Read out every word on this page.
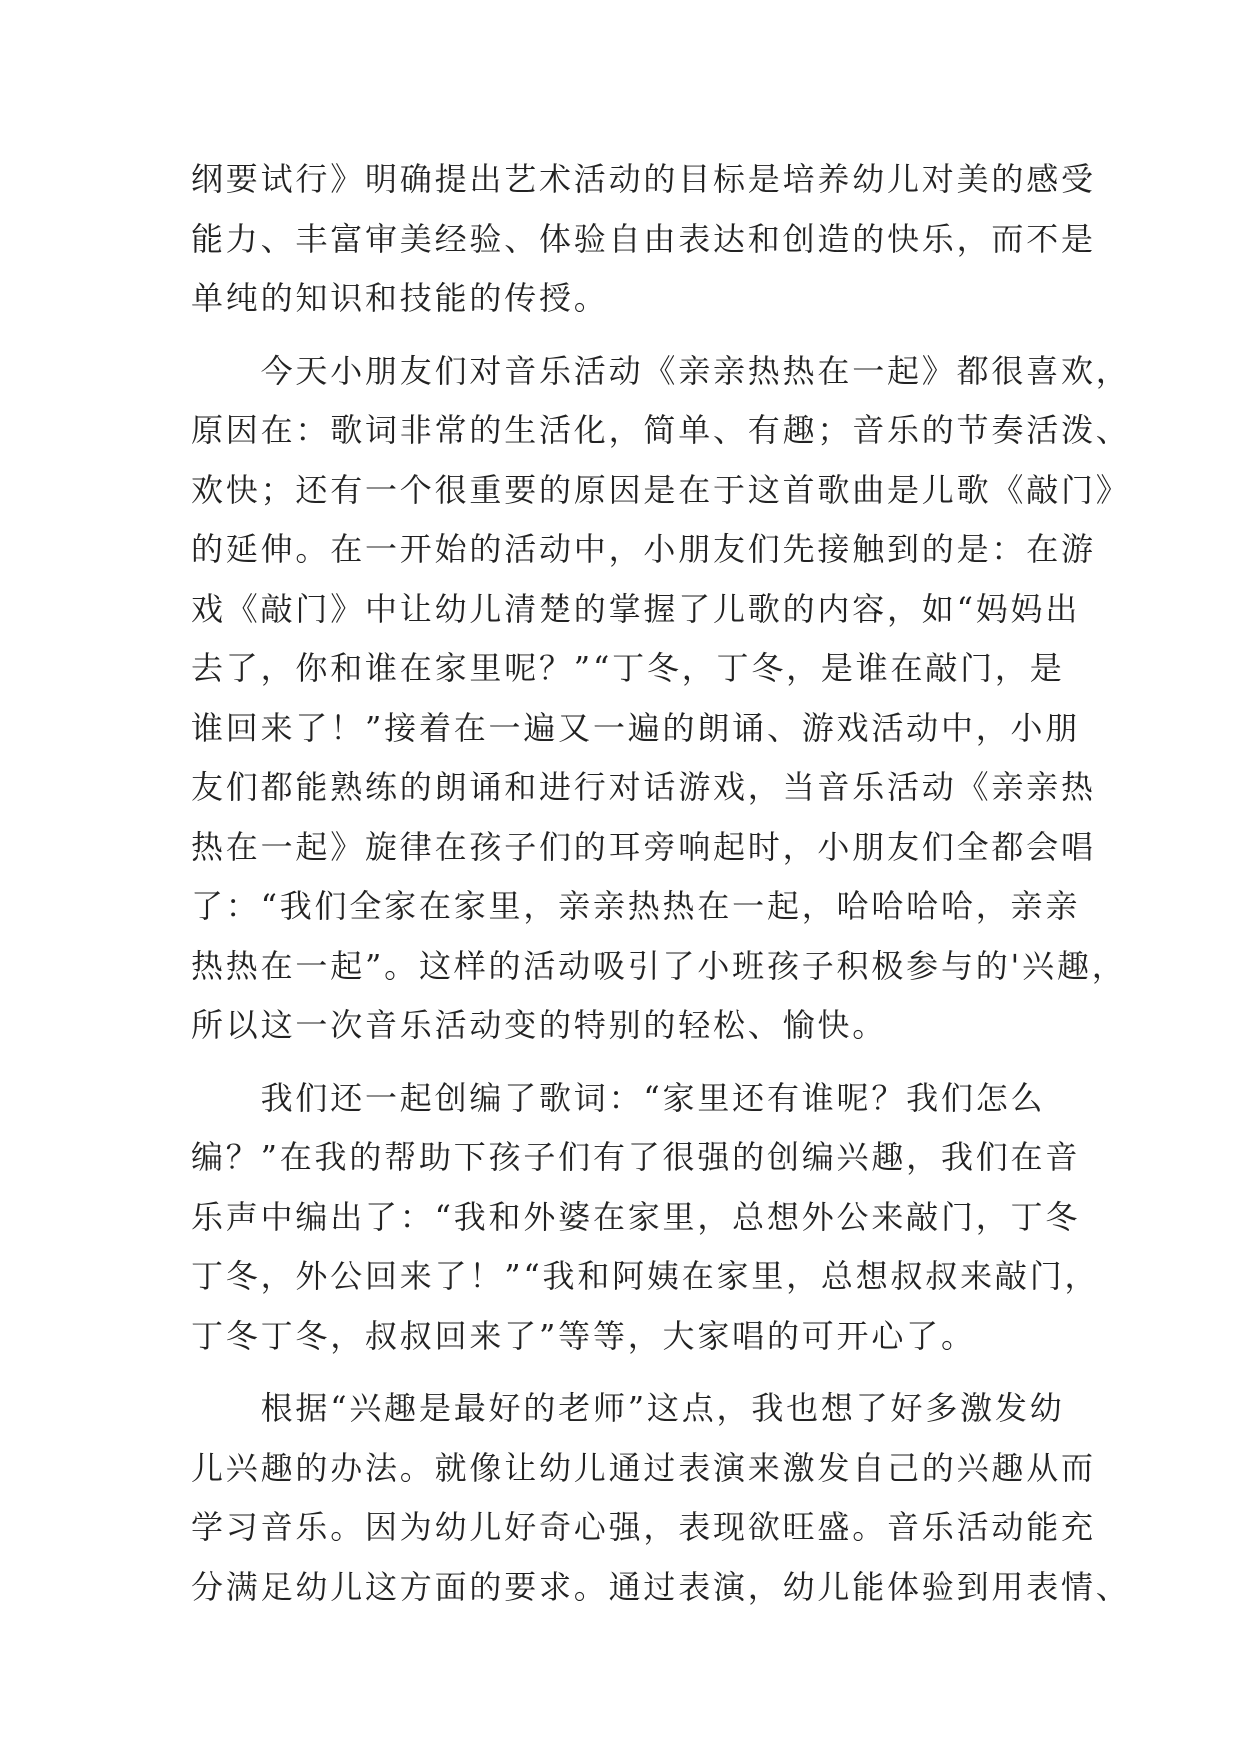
纲要试行》明确提出艺术活动的目标是培养幼儿对美的感受
能力、丰富审美经验、体验自由表达和创造的快乐，而不是
单纯的知识和技能的传授。
　　今天小朋友们对音乐活动《亲亲热热在一起》都很喜欢，
原因在：歌词非常的生活化，简单、有趣；音乐的节奏活泼、
欢快；还有一个很重要的原因是在于这首歌曲是儿歌《敲门》
的延伸。在一开始的活动中，小朋友们先接触到的是：在游
戏《敲门》中让幼儿清楚的掌握了儿歌的内容，如“妈妈出
去了，你和谁在家里呢？”“丁冬，丁冬，是谁在敲门，是
谁回来了！”接着在一遍又一遍的朗诵、游戏活动中，小朋
友们都能熟练的朗诵和进行对话游戏，当音乐活动《亲亲热
热在一起》旋律在孩子们的耳旁响起时，小朋友们全都会唱
了：“我们全家在家里，亲亲热热在一起，哈哈哈哈，亲亲
热热在一起”。这样的活动吸引了小班孩子积极参与的'兴趣，
所以这一次音乐活动变的特别的轻松、愉快。
　　我们还一起创编了歌词：“家里还有谁呢？我们怎么
编？”在我的帮助下孩子们有了很强的创编兴趣，我们在音
乐声中编出了：“我和外婆在家里，总想外公来敲门，丁冬
丁冬，外公回来了！”“我和阿姨在家里，总想叔叔来敲门，
丁冬丁冬，叔叔回来了”等等，大家唱的可开心了。
　　根据“兴趣是最好的老师”这点，我也想了好多激发幼
儿兴趣的办法。就像让幼儿通过表演来激发自己的兴趣从而
学习音乐。因为幼儿好奇心强，表现欲旺盛。音乐活动能充
分满足幼儿这方面的要求。通过表演，幼儿能体验到用表情、
